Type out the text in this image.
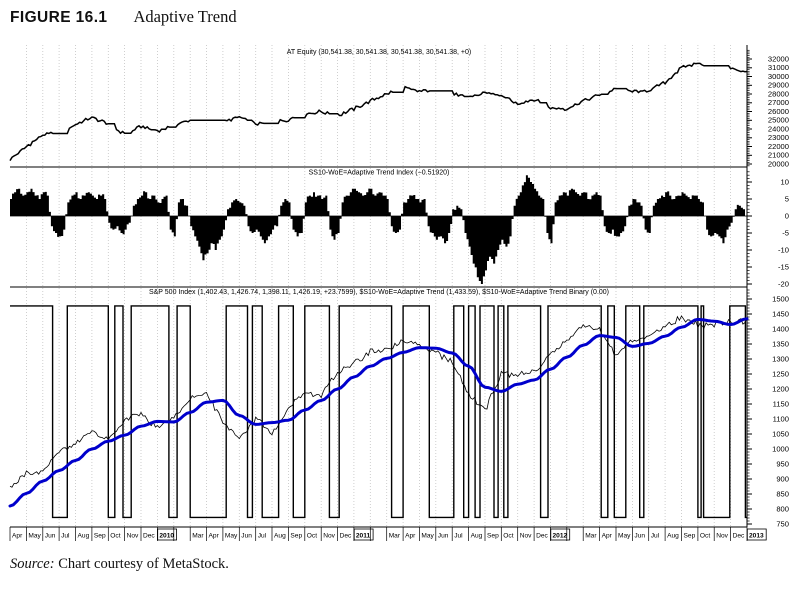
FIGURE 16.1 Adaptive Trend
32000
31000
30000
29000
28000
27000
26000
25000
24000
23000
22000
21000
20000
10
5
0
-5
-10
-15
-20
1500
1450
1400
1350
1300
1250
1200
1150
1100
1050
1000
950
900
850
800
750
AT Equity (30,541.38, 30,541.38, 30,541.38, 30,541.38, +0)
SS10-WoE=Adaptive Trend Index (−0.51920)
S&P 500 Index (1,402.43, 1,426.74, 1,398.11, 1,426.19, +23.7599), $S10-WoE=Adaptive Trend (1,433.59), $S10-WoE=Adaptive Trend Binary (0.00)
Apr May Jun Jul Aug Sep Oct Nov Dec 2010	Mar Apr May Jun Jul Aug Sep Oct Nov Dec 2011	Mar Apr May Jun Jul Aug Sep Oct Nov Dec 2012	Mar Apr May Jun Jul Aug Sep Oct Nov Dec 2013
Source: Chart courtesy of MetaStock.
